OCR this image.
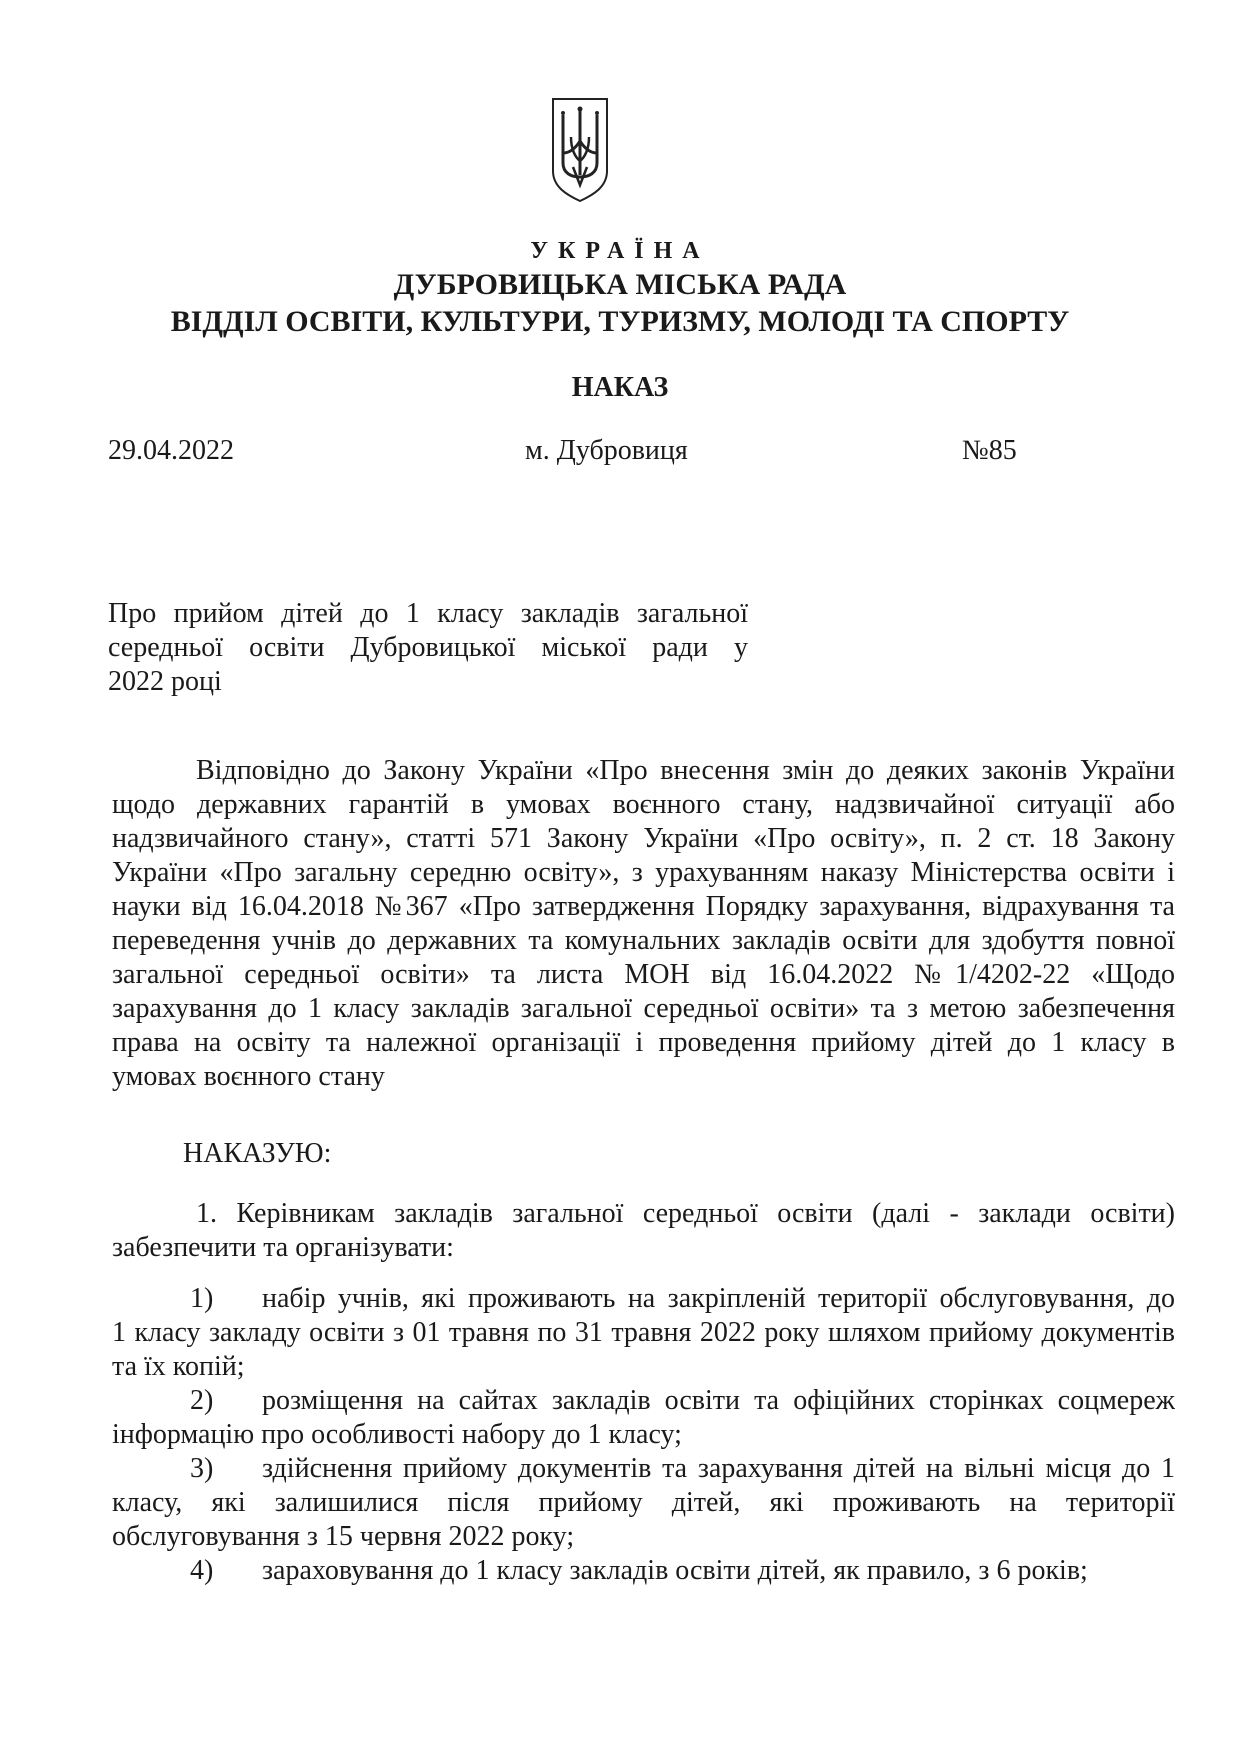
УКРАЇНА
ДУБРОВИЦЬКА МІСЬКА РАДА
ВІДДІЛ ОСВІТИ, КУЛЬТУРИ, ТУРИЗМУ, МОЛОДІ ТА СПОРТУ
НАКАЗ
29.04.2022	м. Дубровиця	№85
Про прийом дітей до 1 класу закладів загальної
середньої освіти Дубровицької міської ради у
2022 році
Відповідно до Закону України «Про внесення змін до деяких законів України
щодо державних гарантій в умовах воєнного стану, надзвичайної ситуації або
надзвичайного стану», статті 571 Закону України «Про освіту», п. 2 ст. 18 Закону
України «Про загальну середню освіту», з урахуванням наказу Міністерства освіти і
науки від 16.04.2018 №367 «Про затвердження Порядку зарахування, відрахування та
переведення учнів до державних та комунальних закладів освіти для здобуття повної
загальної середньої освіти» та листа МОН від 16.04.2022 №1/4202-22 «Щодо
зарахування до 1 класу закладів загальної середньої освіти» та з метою забезпечення
права на освіту та належної організації і проведення прийому дітей до 1 класу в
умовах воєнного стану
НАКАЗУЮ:
1. Керівникам закладів загальної середньої освіти (далі - заклади освіти)
забезпечити та організувати:
1) набір учнів, які проживають на закріпленій території обслуговування, до
1 класу закладу освіти з 01 травня по 31 травня 2022 року шляхом прийому документів
та їх копій;
2) розміщення на сайтах закладів освіти та офіційних сторінках соцмереж
інформацію про особливості набору до 1 класу;
3) здійснення прийому документів та зарахування дітей на вільні місця до 1
класу, які залишилися після прийому дітей, які проживають на території
обслуговування з 15 червня 2022 року;
4) зараховування до 1 класу закладів освіти дітей, як правило, з 6 років;
